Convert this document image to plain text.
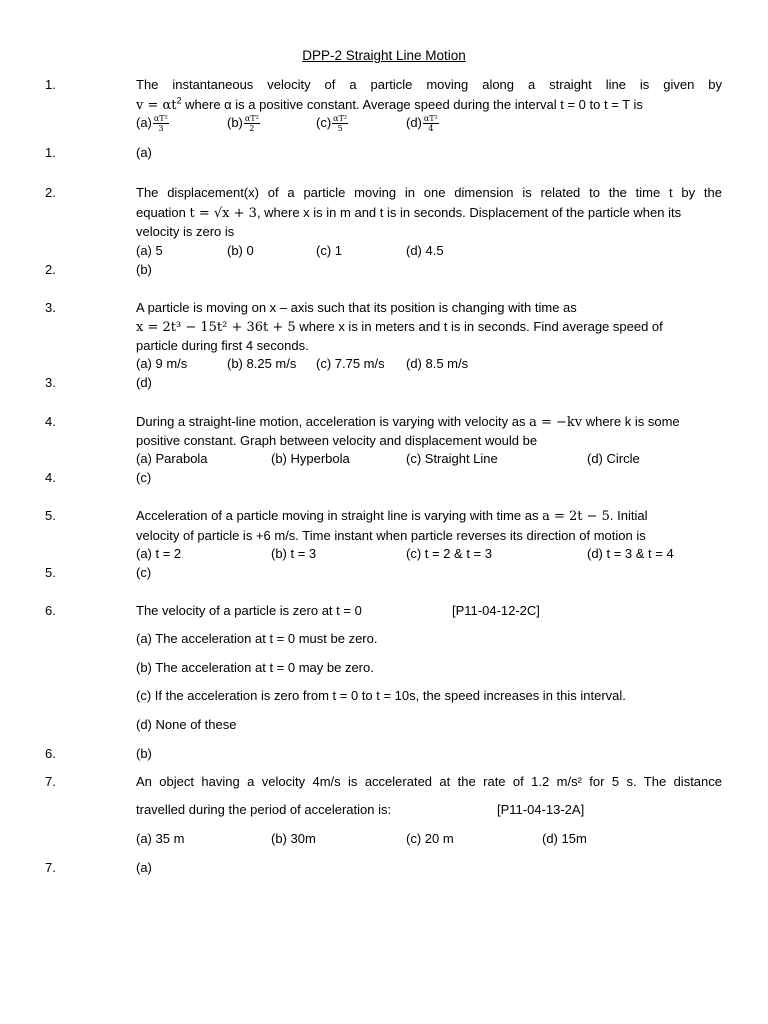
DPP-2 Straight Line Motion
1.	The instantaneous velocity of a particle moving along a straight line is given by
$v = \alpha t^2$ where α is a positive constant. Average speed during the interval t = 0 to t = T is
$(a) \frac{\text{αT²}}{3}$	$(b) \frac{\text{αT²}}{2}$	$(c) \frac{\text{αT²}}{5}$	$(d) \frac{\text{αT²}}{4}$
1.	(a)
2.	The displacement(x) of a particle moving in one dimension is related to the time t by the
equation t = √x + 3, where x is in m and t is in seconds. Displacement of the particle when its
velocity is zero is
(a) 5	(b) 0	(c) 1	(d) 4.5
2.	(b)
3.	A particle is moving on x – axis such that its position is changing with time as
x = 2t³ − 15t² + 36t + 5 where x is in meters and t is in seconds. Find average speed of
particle during first 4 seconds.
(a) 9 m/s	(b) 8.25 m/s (c) 7.75 m/s (d) 8.5 m/s
3.	(d)
4.	During a straight-line motion, acceleration is varying with velocity as a = −kv where k is some
positive constant. Graph between velocity and displacement would be
(a) Parabola	(b) Hyperbola	(c) Straight Line	(d) Circle
4.	(c)
5.	Acceleration of a particle moving in straight line is varying with time as a = 2t − 5. Initial
velocity of particle is +6 m/s. Time instant when particle reverses its direction of motion is
(a) t = 2	(b) t = 3	(c) t = 2 & t = 3	(d) t = 3 & t = 4
5.	(c)
6.	The velocity of a particle is zero at t = 0	[P11-04-12-2C]
(a) The acceleration at t = 0 must be zero.
(b) The acceleration at t = 0 may be zero.
(c) If the acceleration is zero from t = 0 to t = 10s, the speed increases in this interval.
(d) None of these
6.	(b)
7.	An object having a velocity 4m/s is accelerated at the rate of 1.2 m/s² for 5 s. The distance
travelled during the period of acceleration is:	[P11-04-13-2A]
(a) 35 m	(b) 30m	(c) 20 m	(d) 15m
7.	(a)
